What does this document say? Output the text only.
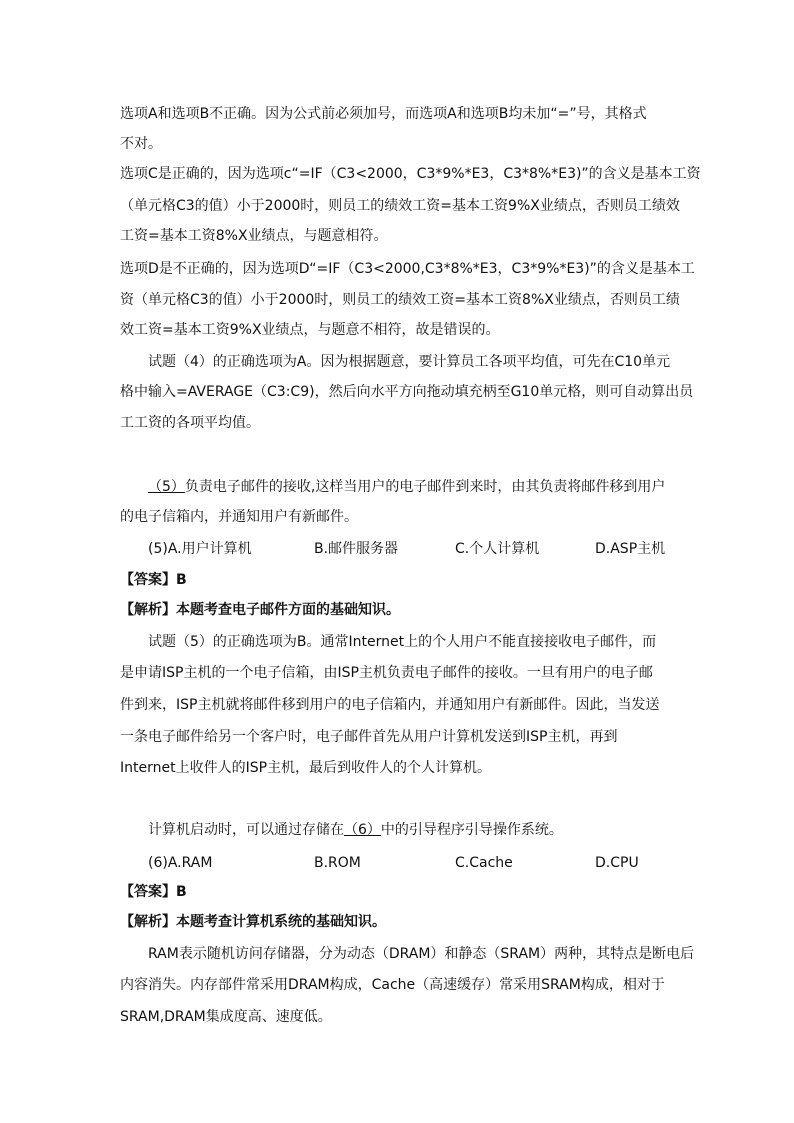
选项A和选项B不正确。因为公式前必须加号，而选项A和选项B均未加“=”号，其格式
不对。
选项C是正确的，因为选项c“=IF（C3<2000，C3*9%*E3，C3*8%*E3)”的含义是基本工资
（单元格C3的值）小于2000时，则员工的绩效工资=基本工资9%X业绩点，否则员工绩效
工资=基本工资8%X业绩点，与题意相符。
选项D是不正确的，因为选项D“=IF（C3<2000,C3*8%*E3，C3*9%*E3)”的含义是基本工
资（单元格C3的值）小于2000时，则员工的绩效工资=基本工资8%X业绩点，否则员工绩
效工资=基本工资9%X业绩点，与题意不相符，故是错误的。
试题（4）的正确选项为A。因为根据题意，要计算员工各项平均值，可先在C10单元
格中输入=AVERAGE（C3:C9)，然后向水平方向拖动填充柄至G10单元格，则可自动算出员
工工资的各项平均值。
（5）负责电子邮件的接收,这样当用户的电子邮件到来时，由其负责将邮件移到用户
的电子信箱内，并通知用户有新邮件。
(5)A.用户计算机	B.邮件服务器	C.个人计算机	D.ASP主机
【答案】B
【解析】本题考查电子邮件方面的基础知识。
试题（5）的正确选项为B。通常Internet上的个人用户不能直接接收电子邮件，而
是申请ISP主机的一个电子信箱，由ISP主机负责电子邮件的接收。一旦有用户的电子邮
件到来，ISP主机就将邮件移到用户的电子信箱内，并通知用户有新邮件。因此，当发送
一条电子邮件给另一个客户时，电子邮件首先从用户计算机发送到ISP主机，再到
Internet上收件人的ISP主机，最后到收件人的个人计算机。
计算机启动时，可以通过存储在（6）中的引导程序引导操作系统。
(6)A.RAM	B.ROM	C.Cache	D.CPU
【答案】B
【解析】本题考查计算机系统的基础知识。
RAM表示随机访问存储器，分为动态（DRAM）和静态（SRAM）两种，其特点是断电后
内容消失。内存部件常采用DRAM构成，Cache（高速缓存）常采用SRAM构成，相对于
SRAM,DRAM集成度高、速度低。
